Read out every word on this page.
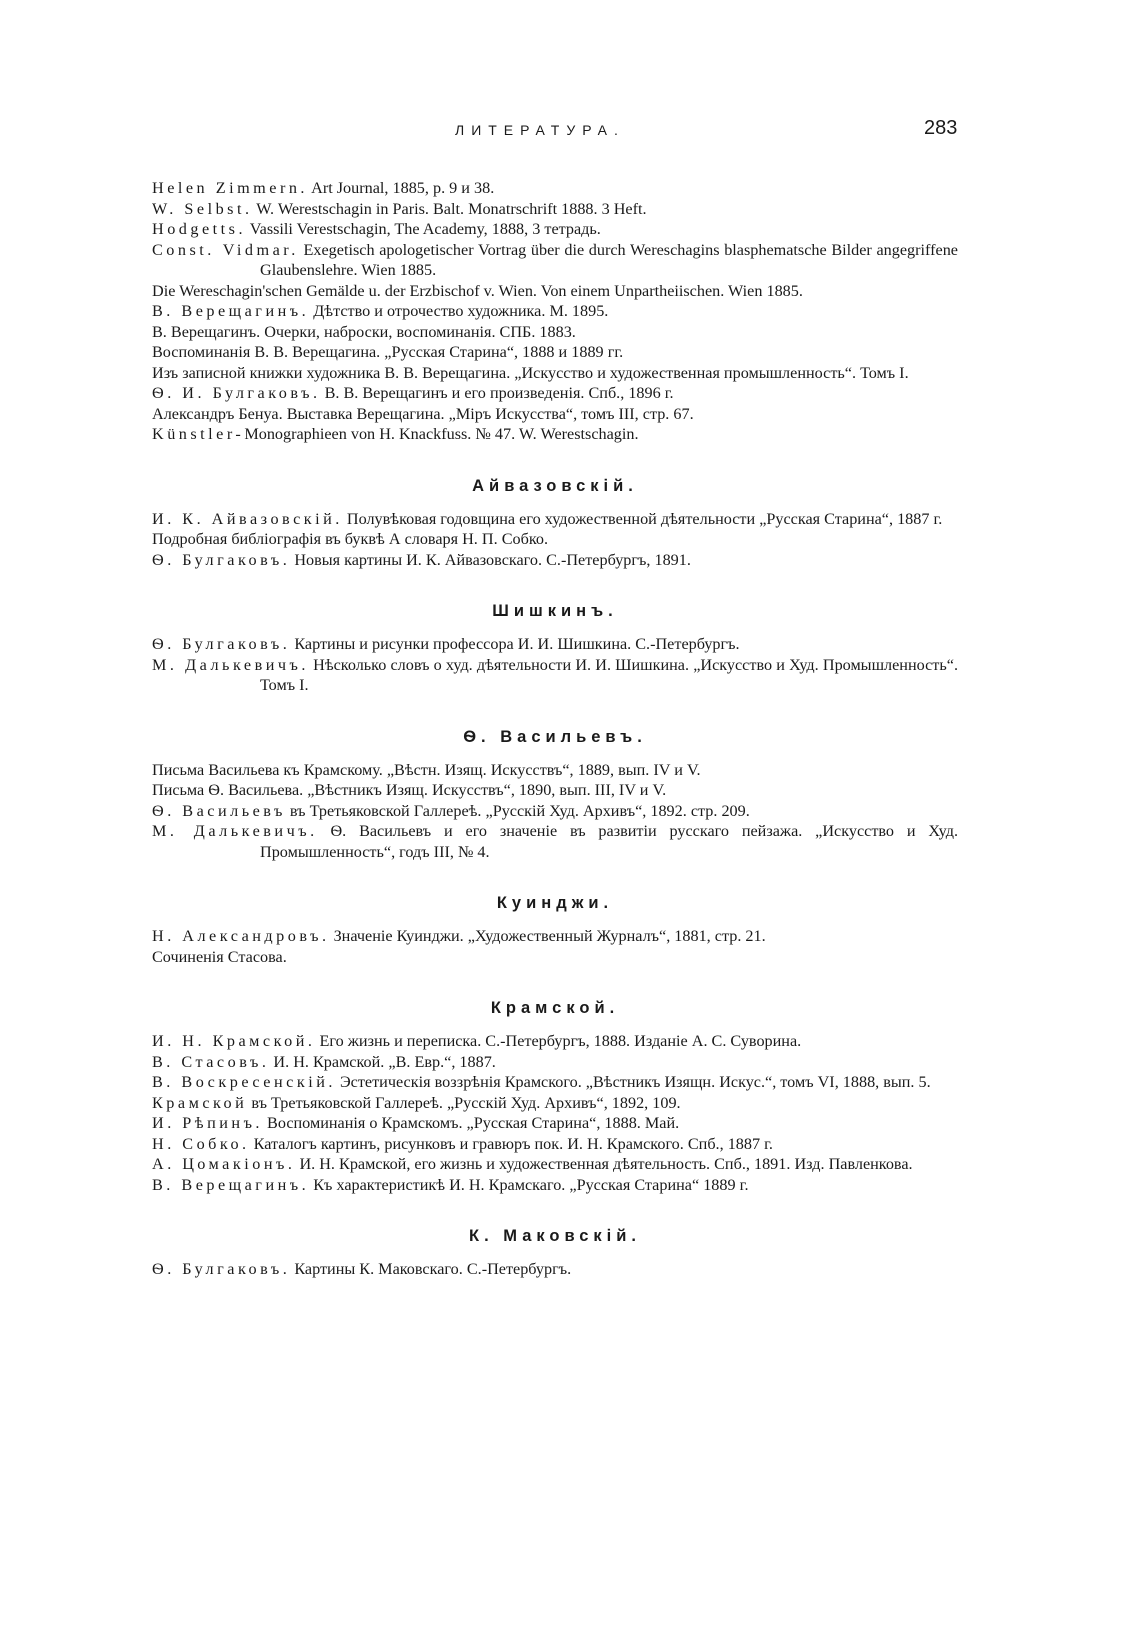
ЛИТЕРАТУРА.	283
Helen Zimmern. Art Journal, 1885, p. 9 и 38.
W. Selbst. W. Werestschagin in Paris. Balt. Monatrschrift 1888. 3 Heft.
Hodgetts. Vassili Verestschagin, The Academy, 1888, 3 тетрадь.
Const. Vidmar. Exegetisch apologetischer Vortrag über die durch Wereschagins blasphematsche Bilder angegriffene Glaubenslehre. Wien 1885.
Die Wereschagin'schen Gemälde u. der Erzbischof v. Wien. Von einem Unpartheiischen. Wien 1885.
В. Верещагинъ. Дѣтство и отрочество художника. М. 1895.
В. Верещагинъ. Очерки, наброски, воспоминанія. СПБ. 1883.
Воспоминанія В. В. Верещагина. „Русская Старина“, 1888 и 1889 гг.
Изъ записной книжки художника В. В. Верещагина. „Искусство и художественная промышленность“. Томъ I.
Ѳ. И. Булгаковъ. В. В. Верещагинъ и его произведенія. Спб., 1896 г.
Александръ Бенуа. Выставка Верещагина. „Міръ Искусства“, томъ III, стр. 67.
Künstler-Monographieen von H. Knackfuss. № 47. W. Werestschagin.
Айвазовскій.
И. К. Айвазовскій. Полувѣковая годовщина его художественной дѣятельности „Русская Старина“, 1887 г.
Подробная библіографія въ буквѣ А словаря Н. П. Собко.
Ѳ. Булгаковъ. Новыя картины И. К. Айвазовскаго. С.-Петербургъ, 1891.
Шишкинъ.
Ѳ. Булгаковъ. Картины и рисунки профессора И. И. Шишкина. С.-Петербургъ.
М. Далькевичъ. Нѣсколько словъ о худ. дѣятельности И. И. Шишкина. „Искусство и Худ. Промышленность“. Томъ I.
Ѳ. Васильевъ.
Письма Васильева къ Крамскому. „Вѣстн. Изящ. Искусствъ“, 1889, вып. IV и V.
Письма Ѳ. Васильева. „Вѣстникъ Изящ. Искусствъ“, 1890, вып. III, IV и V.
Ѳ. Васильевъ въ Третьяковской Галлереѣ. „Русскій Худ. Архивъ“, 1892. стр. 209.
М. Далькевичъ. Ѳ. Васильевъ и его значеніе въ развитіи русскаго пейзажа. „Искусство и Худ. Промышленность“, годъ III, № 4.
Куинджи.
Н. Александровъ. Значеніе Куинджи. „Художественный Журналъ“, 1881, стр. 21.
Сочиненія Стасова.
Крамской.
И. Н. Крамской. Его жизнь и переписка. С.-Петербургъ, 1888. Изданіе А. С. Суворина.
В. Стасовъ. И. Н. Крамской. „В. Евр.“, 1887.
В. Воскресенскій. Эстетическія воззрѣнія Крамского. „Вѣстникъ Изящн. Искус.“, томъ VI, 1888, вып. 5.
Крамской въ Третьяковской Галлереѣ. „Русскій Худ. Архивъ“, 1892, 109.
И. Рѣпинъ. Воспоминанія о Крамскомъ. „Русская Старина“, 1888. Май.
Н. Собко. Каталогъ картинъ, рисунковъ и гравюръ пок. И. Н. Крамского. Спб., 1887 г.
А. Цомакіонъ. И. Н. Крамской, его жизнь и художественная дѣятельность. Спб., 1891. Изд. Павленкова.
В. Верещагинъ. Къ характеристикѣ И. Н. Крамскаго. „Русская Старина“ 1889 г.
К. Маковскій.
Ѳ. Булгаковъ. Картины К. Маковскаго. С.-Петербургъ.
